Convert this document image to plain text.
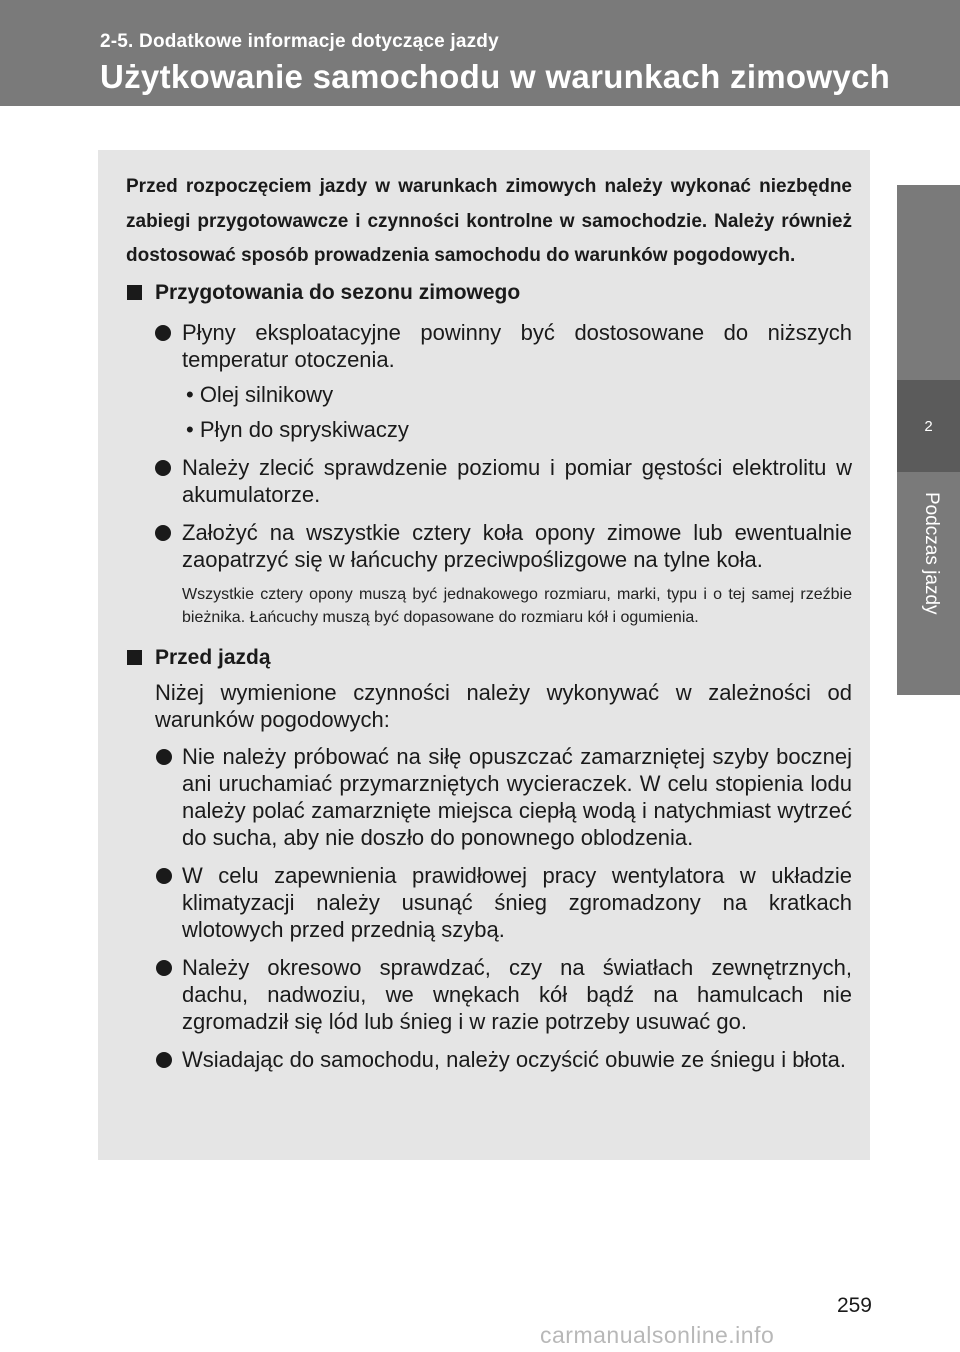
2-5. Dodatkowe informacje dotyczące jazdy
Użytkowanie samochodu w warunkach zimowych
2
Podczas jazdy

Przed rozpoczęciem jazdy w warunkach zimowych należy wykonać niezbędne zabiegi przygotowawcze i czynności kontrolne w samochodzie. Należy również dostosować sposób prowadzenia samochodu do warunków pogodowych.

Przygotowania do sezonu zimowego
Płyny eksploatacyjne powinny być dostosowane do niższych temperatur otoczenia.
• Olej silnikowy
• Płyn do spryskiwaczy
Należy zlecić sprawdzenie poziomu i pomiar gęstości elektrolitu w akumulatorze.
Założyć na wszystkie cztery koła opony zimowe lub ewentualnie zaopatrzyć się w łańcuchy przeciwpoślizgowe na tylne koła.
Wszystkie cztery opony muszą być jednakowego rozmiaru, marki, typu i o tej samej rzeźbie bieżnika. Łańcuchy muszą być dopasowane do rozmiaru kół i ogumienia.
Przed jazdą
Niżej wymienione czynności należy wykonywać w zależności od warunków pogodowych:
Nie należy próbować na siłę opuszczać zamarzniętej szyby bocznej ani uruchamiać przymarzniętych wycieraczek. W celu stopienia lodu należy polać zamarznięte miejsca ciepłą wodą i natychmiast wytrzeć do sucha, aby nie doszło do ponownego oblodzenia.
W celu zapewnienia prawidłowej pracy wentylatora w układzie klimatyzacji należy usunąć śnieg zgromadzony na kratkach wlotowych przed przednią szybą.
Należy okresowo sprawdzać, czy na światłach zewnętrznych, dachu, nadwoziu, we wnękach kół bądź na hamulcach nie zgromadził się lód lub śnieg i w razie potrzeby usuwać go.
Wsiadając do samochodu, należy oczyścić obuwie ze śniegu i błota.
259
carmanualsonline.info
